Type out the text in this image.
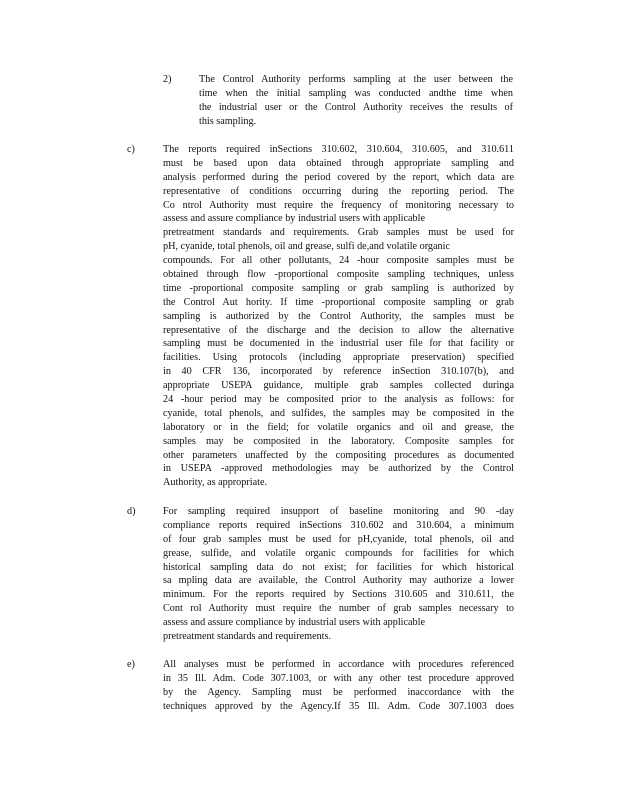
2)	The Control Authority performs sampling at the user between the
time when the initial sampling was conducted andthe time when
the industrial user or the Control Authority receives the results of
this sampling.
c)	The reports required inSections 310.602, 310.604, 310.605, and 310.611
must be based upon data obtained through appropriate sampling and
analysis performed during the period covered by the report, which data are
representative of conditions occurring during the reporting period. The
Co ntrol Authority must require the frequency of monitoring necessary to
assess and assure compliance by industrial users with applicable
pretreatment standards and requirements. Grab samples must be used for
pH, cyanide, total phenols, oil and grease, sulfi de,and volatile organic
compounds. For all other pollutants, 24 -hour composite samples must be
obtained through flow -proportional composite sampling techniques, unless
time -proportional composite sampling or grab sampling is authorized by
the Control Aut hority. If time -proportional composite sampling or grab
sampling is authorized by the Control Authority, the samples must be
representative of the discharge and the decision to allow the alternative
sampling must be documented in the industrial user file for that facility or
facilities. Using protocols (including appropriate preservation) specified
in 40 CFR 136, incorporated by reference inSection 310.107(b), and
appropriate USEPA guidance, multiple grab samples collected duringa
24 -hour period may be composited prior to the analysis as follows: for
cyanide, total phenols, and sulfides, the samples may be composited in the
laboratory or in the field; for volatile organics and oil and grease, the
samples may be composited in the laboratory. Composite samples for
other parameters unaffected by the compositing procedures as documented
in USEPA -approved methodologies may be authorized by the Control
Authority, as appropriate.
d)	For sampling required insupport of baseline monitoring and 90 -day
compliance reports required inSections 310.602 and 310.604, a minimum
of four grab samples must be used for pH,cyanide, total phenols, oil and
grease, sulfide, and volatile organic compounds for facilities for which
historical sampling data do not exist; for facilities for which historical
sa mpling data are available, the Control Authority may authorize a lower
minimum. For the reports required by Sections 310.605 and 310.611, the
Cont rol Authority must require the number of grab samples necessary to
assess and assure compliance by industrial users with applicable
pretreatment standards and requirements.
e)	All analyses must be performed in accordance with procedures referenced
in 35 Ill. Adm. Code 307.1003, or with any other test procedure approved
by the Agency. Sampling must be performed inaccordance with the
techniques approved by the Agency.If 35 Ill. Adm. Code 307.1003 does
